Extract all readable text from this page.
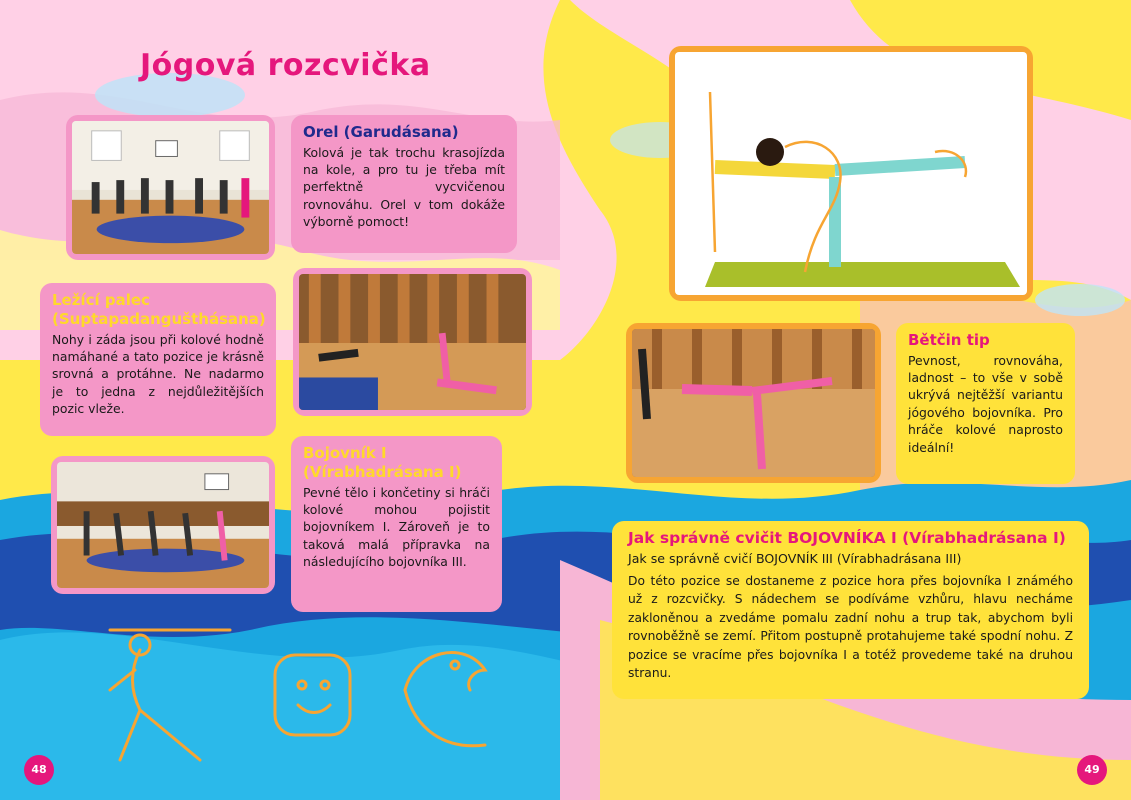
Jógová rozcvička
Orel (Garudásana)

Kolová je tak trochu krasojízda na kole, a pro tu je třeba mít perfektně vycvičenou rovnováhu. Orel v tom dokáže výborně pomoct!

Ležící palec (Suptapadangušthásana)

Nohy i záda jsou při kolové hodně namáhané a tato pozice je krásně srovná a protáhne. Ne nadarmo je to jedna z nejdůležitějších pozic vleže.

Bojovník I (Vírabhadrásana I)

Pevné tělo i končetiny si hráči kolové mohou pojistit bojovníkem I. Zároveň je to taková malá přípravka na následujícího bojovníka III.

Bětčin tip

Pevnost, rovnováha, ladnost – to vše v sobě ukrývá nejtěžší variantu jógového bojovníka. Pro hráče kolové naprosto ideální!

Jak správně cvičit BOJOVNÍKA I (Vírabhadrásana I)
Jak se správně cvičí BOJOVNÍK III (Vírabhadrásana III)

Do této pozice se dostaneme z pozice hora přes bojovníka I známého už z rozcvičky. S nádechem se podíváme vzhůru, hlavu necháme zakloněnou a zvedáme pomalu zadní nohu a trup tak, abychom byli rovnoběžně se zemí. Přitom postupně protahujeme také spodní nohu. Z pozice se vracíme přes bojovníka I a totéž provedeme také na druhou stranu.

48	49
